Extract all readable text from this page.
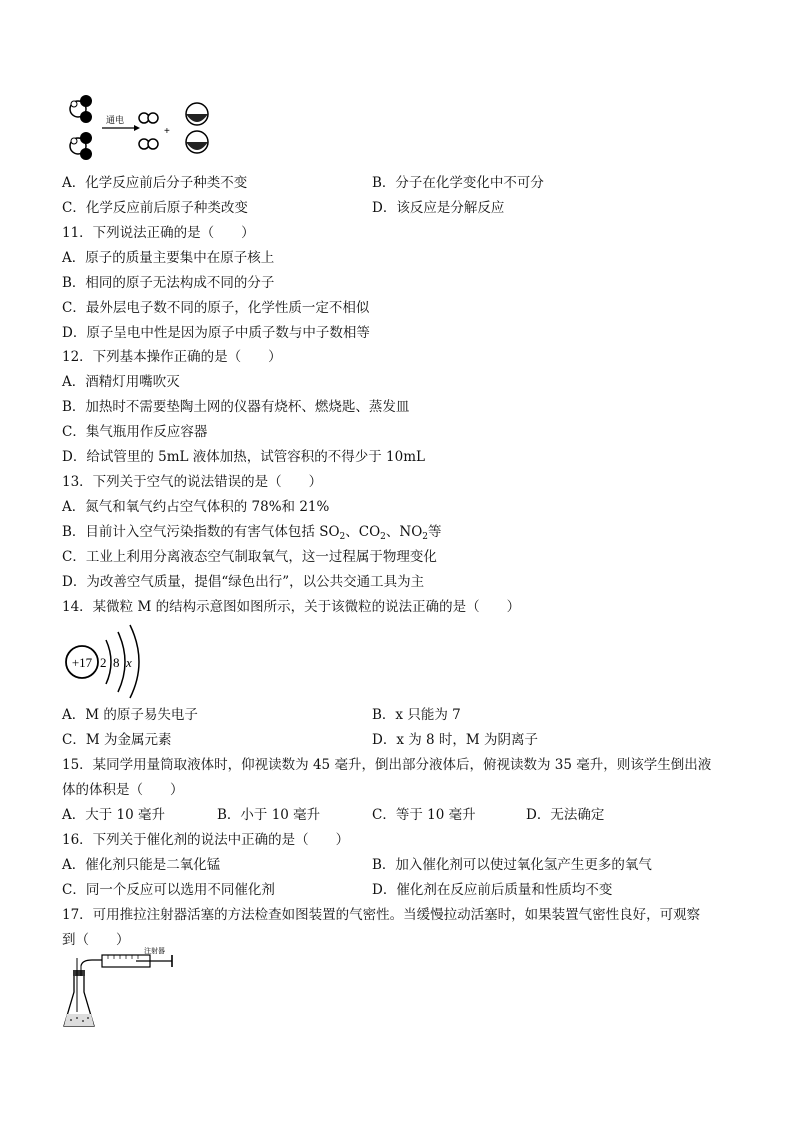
通电
+
A．化学反应前后分子种类不变	B．分子在化学变化中不可分
C．化学反应前后原子种类改变	D．该反应是分解反应
11．下列说法正确的是（　　）
A．原子的质量主要集中在原子核上
B．相同的原子无法构成不同的分子
C．最外层电子数不同的原子，化学性质一定不相似
D．原子呈电中性是因为原子中质子数与中子数相等
12．下列基本操作正确的是（　　）
A．酒精灯用嘴吹灭
B．加热时不需要垫陶土网的仪器有烧杯、燃烧匙、蒸发皿
C．集气瓶用作反应容器
D．给试管里的 5mL 液体加热，试管容积的不得少于 10mL
13．下列关于空气的说法错误的是（　　）
A．氮气和氧气约占空气体积的 78%和 21%
B．目前计入空气污染指数的有害气体包括 $SO_2$、$CO_2$、$NO_2$等
C．工业上利用分离液态空气制取氧气，这一过程属于物理变化
D．为改善空气质量，提倡“绿色出行”，以公共交通工具为主
14．某微粒 M 的结构示意图如图所示，关于该微粒的说法正确的是（　　）
+17 2 8 x
A．M 的原子易失电子	B．x 只能为 7
C．M 为金属元素	D．x 为 8 时，M 为阴离子
15．某同学用量筒取液体时，仰视读数为 45 毫升，倒出部分液体后，俯视读数为 35 毫升，则该学生倒出液
体的体积是（　　）
A．大于 10 毫升	B．小于 10 毫升	C．等于 10 毫升	D．无法确定
16．下列关于催化剂的说法中正确的是（　　）
A．催化剂只能是二氧化锰	B．加入催化剂可以使过氧化氢产生更多的氧气
C．同一个反应可以选用不同催化剂	D．催化剂在反应前后质量和性质均不变
17．可用推拉注射器活塞的方法检查如图装置的气密性。当缓慢拉动活塞时，如果装置气密性良好，可观察
到（　　）
注射器
